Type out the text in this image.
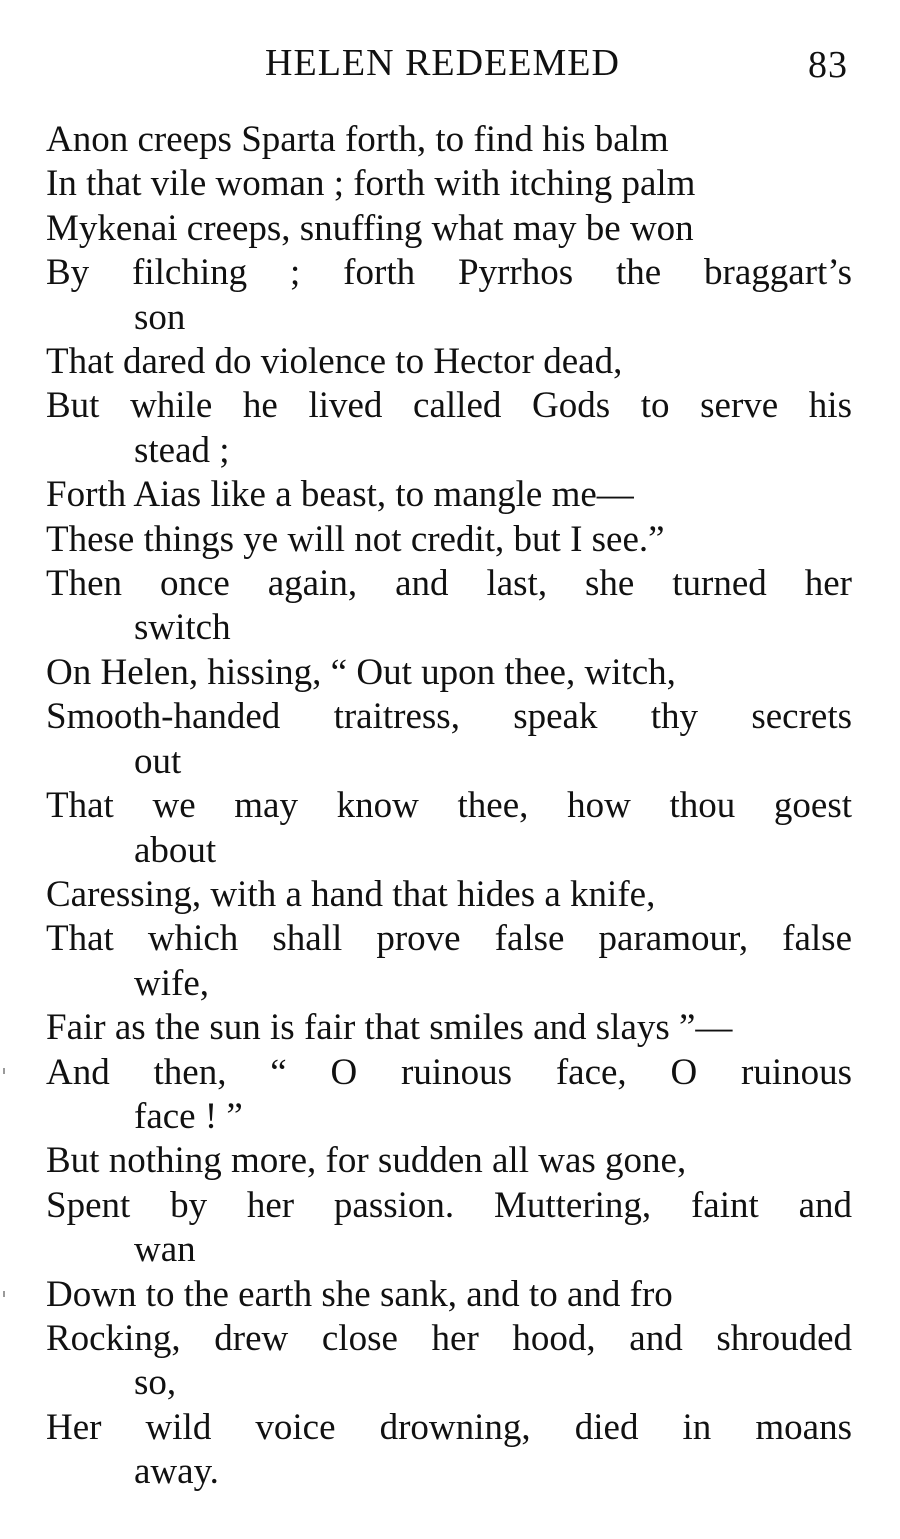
HELEN REDEEMED	83
Anon creeps Sparta forth, to find his balm
In that vile woman ; forth with itching palm
Mykenai creeps, snuffing what may be won
By filching ; forth Pyrrhos the braggart’s
son
That dared do violence to Hector dead,
But while he lived called Gods to serve his
stead ;
Forth Aias like a beast, to mangle me—
These things ye will not credit, but I see.”
Then once again, and last, she turned her
switch
On Helen, hissing, “ Out upon thee, witch,
Smooth-handed traitress, speak thy secrets
out
That we may know thee, how thou goest
about
Caressing, with a hand that hides a knife,
That which shall prove false paramour, false
wife,
Fair as the sun is fair that smiles and slays ”—
And then, “ O ruinous face, O ruinous
face ! ”
But nothing more, for sudden all was gone,
Spent by her passion. Muttering, faint and
wan
Down to the earth she sank, and to and fro
Rocking, drew close her hood, and shrouded
so,
Her wild voice drowning, died in moans
away.
